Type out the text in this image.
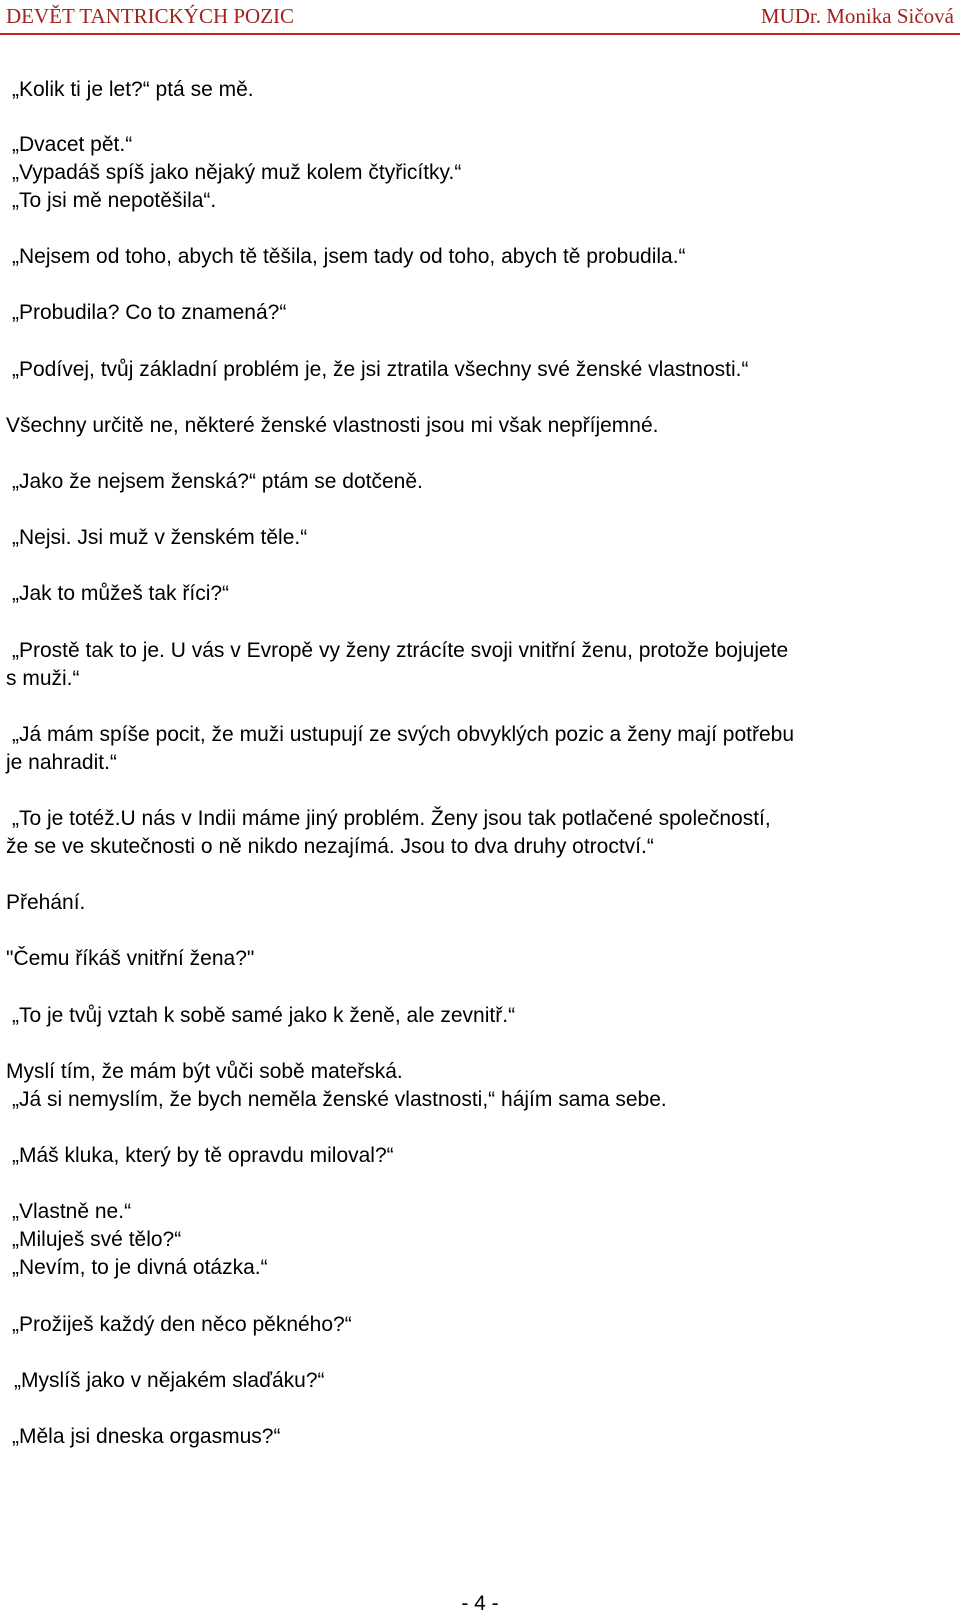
DEVĚT TANTRICKÝCH POZIC	MUDr. Monika Sičová
„Kolik ti je let?“ ptá se mě.
„Dvacet pět.“
„Vypadáš spíš jako nějaký muž kolem čtyřicítky.“
„To jsi mě nepotěšila“.
„Nejsem od toho, abych tě těšila, jsem tady od toho, abych tě probudila.“
„Probudila? Co to znamená?“
„Podívej, tvůj základní problém je, že jsi ztratila všechny své ženské vlastnosti.“
Všechny určitě ne, některé ženské vlastnosti jsou mi však nepříjemné.
„Jako že nejsem ženská?“ ptám se dotčeně.
„Nejsi. Jsi muž v ženském těle.“
„Jak to můžeš tak říci?“
„Prostě tak to je. U vás v Evropě vy ženy ztrácíte svoji vnitřní ženu, protože bojujete
s muži.“
„Já mám spíše pocit, že muži ustupují ze svých obvyklých pozic a ženy mají potřebu
je nahradit.“
„To je totéž.U nás v Indii máme jiný problém. Ženy jsou tak potlačené společností,
že se ve skutečnosti o ně nikdo nezajímá. Jsou to dva druhy otroctví.“
Přehání.
"Čemu říkáš vnitřní žena?"
„To je tvůj vztah k sobě samé jako k ženě, ale zevnitř.“
Myslí tím, že mám být vůči sobě mateřská.
„Já si nemyslím, že bych neměla ženské vlastnosti,“ hájím sama sebe.
„Máš kluka, který by tě opravdu miloval?“
„Vlastně ne.“
„Miluješ své tělo?“
„Nevím, to je divná otázka.“
„Prožiješ každý den něco pěkného?“
„Myslíš jako v nějakém slaďáku?“
„Měla jsi dneska orgasmus?“
- 4 -
